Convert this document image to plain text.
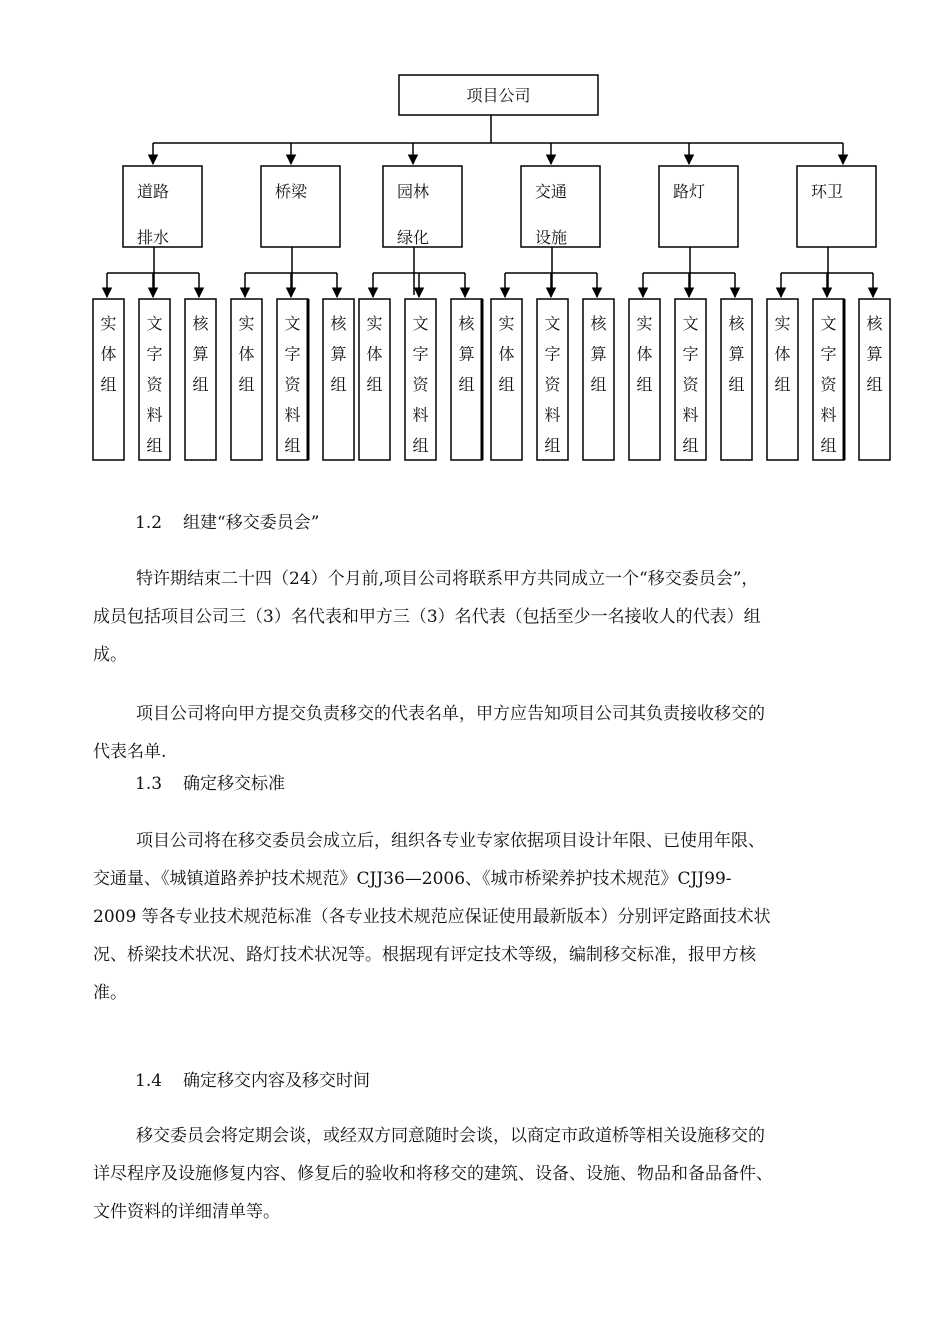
项目公司
道路
排水
实
体
组
文
字
资
料
组
核
算
组
桥梁
实
体
组
文
字
资
料
组
核
算
组
园林
绿化
实
体
组
文
字
资
料
组
核
算
组
交通
设施
实
体
组
文
字
资
料
组
核
算
组
路灯
实
体
组
文
字
资
料
组
核
算
组
环卫
实
体
组
文
字
资
料
组
核
算
组
1.2 组建“移交委员会”
特许期结束二十四（24）个月前,项目公司将联系甲方共同成立一个“移交委员会”，
成员包括项目公司三（3）名代表和甲方三（3）名代表（包括至少一名接收人的代表）组
成。
项目公司将向甲方提交负责移交的代表名单，甲方应告知项目公司其负责接收移交的
代表名单.
1.3 确定移交标准
项目公司将在移交委员会成立后，组织各专业专家依据项目设计年限、已使用年限、
交通量、《城镇道路养护技术规范》CJJ36—2006、《城市桥梁养护技术规范》CJJ99-
2009 等各专业技术规范标准（各专业技术规范应保证使用最新版本）分别评定路面技术状
况、桥梁技术状况、路灯技术状况等。根据现有评定技术等级，编制移交标准，报甲方核
准。
1.4 确定移交内容及移交时间
移交委员会将定期会谈，或经双方同意随时会谈，以商定市政道桥等相关设施移交的
详尽程序及设施修复内容、修复后的验收和将移交的建筑、设备、设施、物品和备品备件、
文件资料的详细清单等。
